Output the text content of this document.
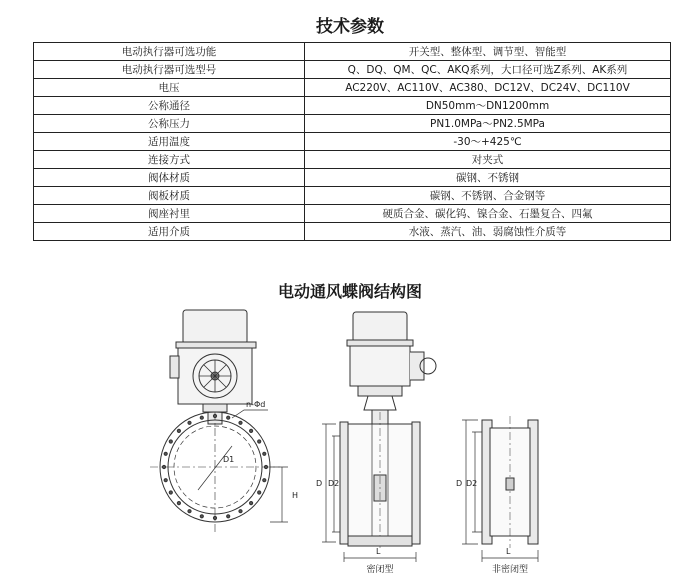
技术参数
电动执行器可选功能	开关型、整体型、调节型、智能型
电动执行器可选型号	Q、DQ、QM、QC、AKQ系列，大口径可选Z系列、AK系列
电压	AC220V、AC110V、AC380、DC12V、DC24V、DC110V
公称通径	DN50mm～DN1200mm
公称压力	PN1.0MPa～PN2.5MPa
适用温度	-30～+425℃
连接方式	对夹式
阀体材质	碳钢、不锈钢
阀板材质	碳钢、不锈钢、合金钢等
阀座衬里	硬质合金、碳化钨、镍合金、石墨复合、四氟
适用介质	水液、蒸汽、油、弱腐蚀性介质等
电动通风蝶阀结构图
n-Φd
D1
H
D D2
L
D D2
L
密闭型	非密闭型
